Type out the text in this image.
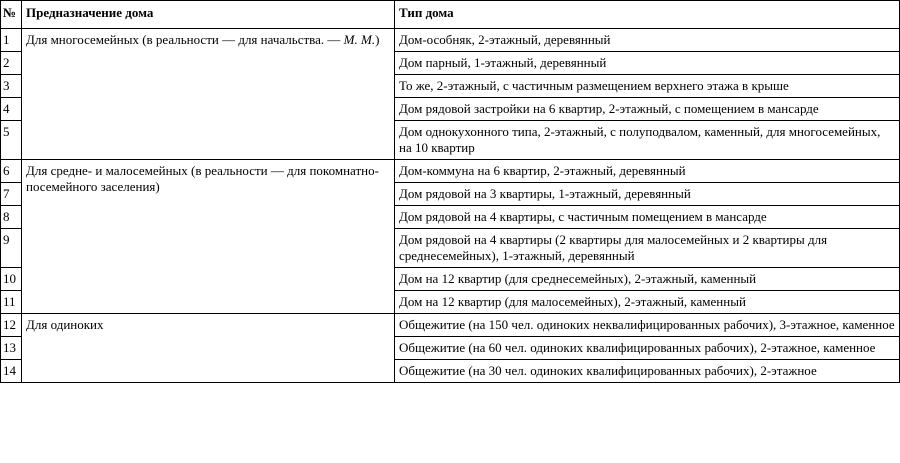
№	Предназначение дома	Тип дома
1	Для многосемейных (в реальности — для начальства. — М. М.)	Дом-особняк, 2-этажный, деревянный
2		Дом парный, 1-этажный, деревянный
3		То же, 2-этажный, с частичным размещением верхнего этажа в крыше
4		Дом рядовой застройки на 6 квартир, 2-этажный, с помещением в мансарде
5		Дом однокухонного типа, 2-этажный, с полуподвалом, каменный, для многосемейных, на 10 квартир
6	Для средне- и малосемейных (в реальности — для покомнатно-посемейного заселения)	Дом-коммуна на 6 квартир, 2-этажный, деревянный
7		Дом рядовой на 3 квартиры, 1-этажный, деревянный
8		Дом рядовой на 4 квартиры, с частичным помещением в мансарде
9		Дом рядовой на 4 квартиры (2 квартиры для малосемейных и 2 квартиры для среднесемейных), 1-этажный, деревянный
10		Дом на 12 квартир (для среднесемейных), 2-этажный, каменный
11		Дом на 12 квартир (для малосемейных), 2-этажный, каменный
12	Для одиноких	Общежитие (на 150 чел. одиноких неквалифицированных рабочих), 3-этажное, каменное
13		Общежитие (на 60 чел. одиноких квалифицированных рабочих), 2-этажное, каменное
14		Общежитие (на 30 чел. одиноких квалифицированных рабочих), 2-этажное
